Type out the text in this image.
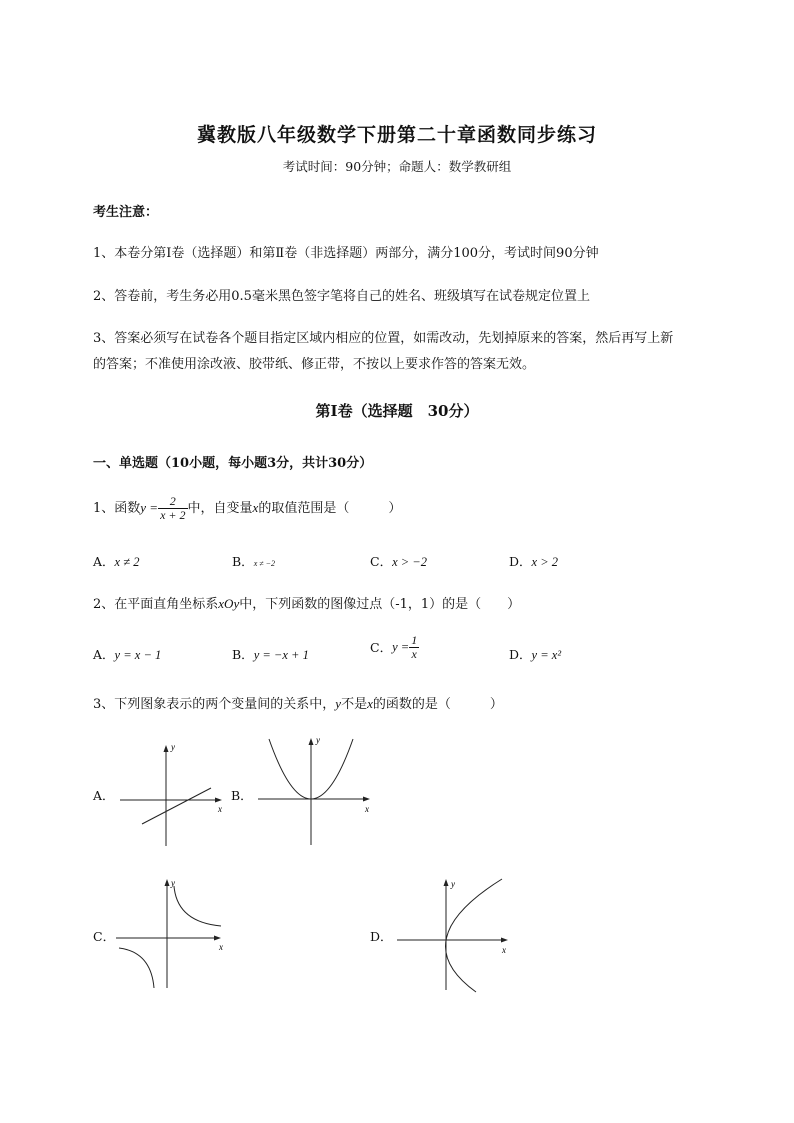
冀教版八年级数学下册第二十章函数同步练习
考试时间：90分钟；命题人：数学教研组
考生注意：
1、本卷分第Ⅰ卷（选择题）和第Ⅱ卷（非选择题）两部分，满分100分，考试时间90分钟
2、答卷前，考生务必用0.5毫米黑色签字笔将自己的姓名、班级填写在试卷规定位置上
3、答案必须写在试卷各个题目指定区域内相应的位置，如需改动，先划掉原来的答案，然后再写上新
的答案；不准使用涂改液、胶带纸、修正带，不按以上要求作答的答案无效。
第Ⅰ卷（选择题　30分）
一、单选题（10小题，每小题3分，共计30分）
1、函数$y = \frac{2}{x + 2}$ 中，自变量x的取值范围是（　　　）
A．x ≠ 2	B．x ≠ −2	C．x > −2	D．x > 2
2、在平面直角坐标系xOy中，下列函数的图像过点（-1，1）的是（　　）
A．y = x − 1	B．y = −x + 1	C．$y = \frac{1}{x}$	D．y = x²
3、下列图象表示的两个变量间的关系中，y不是x的函数的是（　　　）
A．
x
y
B．
x
y
C．
x
y
D．
x
y
